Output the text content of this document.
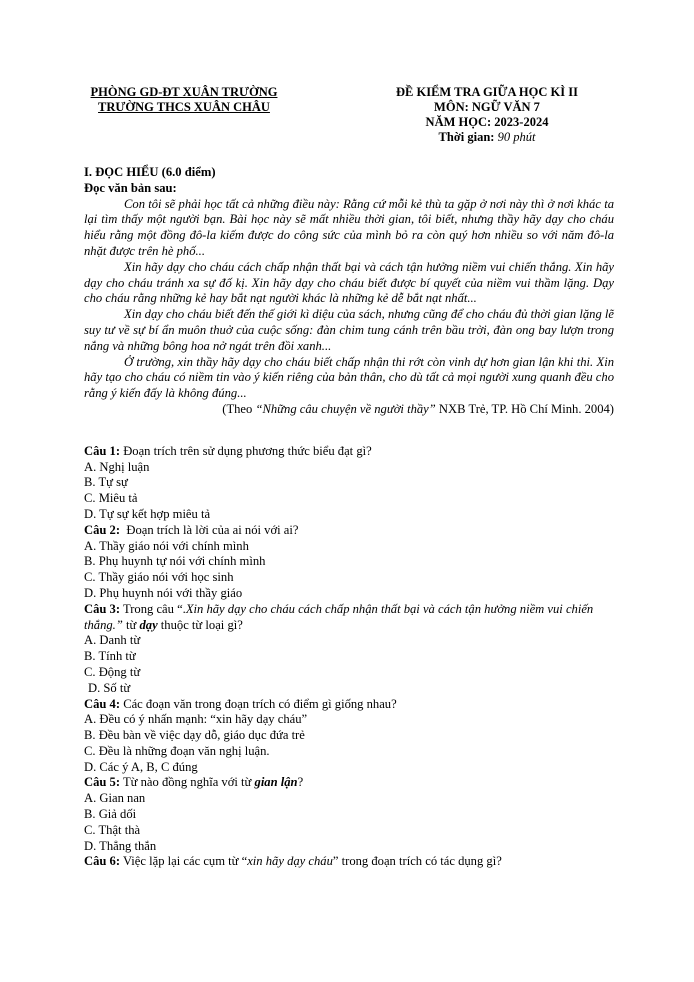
PHÒNG GD-ĐT XUÂN TRƯỜNG
TRƯỜNG THCS XUÂN CHÂU
ĐỀ KIỂM TRA GIỮA HỌC KÌ II
MÔN: NGỮ VĂN 7
NĂM HỌC: 2023-2024
Thời gian: 90 phút
I. ĐỌC HIỂU (6.0 điểm)
Đọc văn bản sau:

Con tôi sẽ phải học tất cả những điều này: Rằng cứ mỗi kẻ thù ta gặp ở nơi này thì ở nơi khác ta lại tìm thấy một người bạn. Bài học này sẽ mất nhiều thời gian, tôi biết, nhưng thầy hãy dạy cho cháu hiểu rằng một đồng đô-la kiếm được do công sức của mình bỏ ra còn quý hơn nhiều so với năm đô-la nhặt được trên hè phố...

Xin hãy dạy cho cháu cách chấp nhận thất bại và cách tận hưởng niềm vui chiến thắng. Xin hãy dạy cho cháu tránh xa sự đố kị. Xin hãy dạy cho cháu biết được bí quyết của niềm vui thầm lặng. Dạy cho cháu rằng những kẻ hay bắt nạt người khác là những kẻ dễ bắt nạt nhất...

Xin dạy cho cháu biết đến thế giới kì diệu của sách, nhưng cũng để cho cháu đủ thời gian lặng lẽ suy tư về sự bí ẩn muôn thuở của cuộc sống: đàn chim tung cánh trên bầu trời, đàn ong bay lượn trong nắng và những bông hoa nở ngát trên đồi xanh...

Ở trường, xin thầy hãy dạy cho cháu biết chấp nhận thi rớt còn vinh dự hơn gian lận khi thi. Xin hãy tạo cho cháu có niềm tin vào ý kiến riêng của bản thân, cho dù tất cả mọi người xung quanh đều cho rằng ý kiến đấy là không đúng...

(Theo “Những câu chuyện về người thầy” NXB Trẻ, TP. Hồ Chí Minh. 2004)

Câu 1: Đoạn trích trên sử dụng phương thức biểu đạt gì?

A. Nghị luận

B. Tự sự

C. Miêu tả

D. Tự sự kết hợp miêu tả

Câu 2:  Đoạn trích là lời của ai nói với ai?

A. Thầy giáo nói với chính mình

B. Phụ huynh tự nói với chính mình

C. Thầy giáo nói với học sinh

D. Phụ huynh nói với thầy giáo

Câu 3: Trong câu “.Xin hãy dạy cho cháu cách chấp nhận thất bại và cách tận hưởng niềm vui chiến thắng.” từ dạy thuộc từ loại gì?

A. Danh từ

B. Tính từ

C. Động từ

D. Số từ

Câu 4: Các đoạn văn trong đoạn trích có điểm gì giống nhau?

A. Đều có ý nhấn mạnh: “xin hãy dạy cháu”

B. Đều bàn về việc dạy dỗ, giáo dục đứa trẻ

C. Đều là những đoạn văn nghị luận.

D. Các ý A, B, C đúng

Câu 5: Từ nào đồng nghĩa với từ gian lận?

A. Gian nan

B. Giả dối

C. Thật thà

D. Thẳng thắn

Câu 6: Việc lặp lại các cụm từ “xin hãy dạy cháu” trong đoạn trích có tác dụng gì?
